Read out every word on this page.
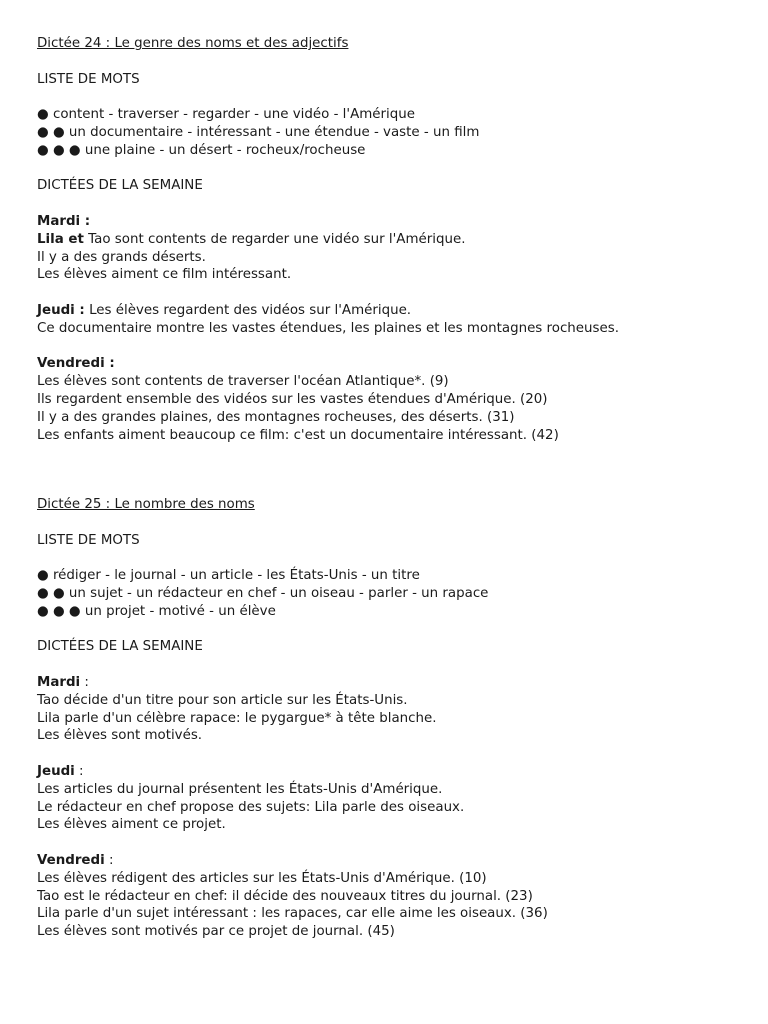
Dictée 24 : Le genre des noms et des adjectifs
LISTE DE MOTS
● content - traverser - regarder - une vidéo - l'Amérique
● ● un documentaire - intéressant - une étendue - vaste - un film
● ● ● une plaine - un désert - rocheux/rocheuse
DICTÉES DE LA SEMAINE
Mardi :
Lila et Tao sont contents de regarder une vidéo sur l'Amérique.
Il y a des grands déserts.
Les élèves aiment ce film intéressant.
Jeudi : Les élèves regardent des vidéos sur l'Amérique.
Ce documentaire montre les vastes étendues, les plaines et les montagnes rocheuses.
Vendredi :
Les élèves sont contents de traverser l'océan Atlantique*. (9)
Ils regardent ensemble des vidéos sur les vastes étendues d'Amérique. (20)
Il y a des grandes plaines, des montagnes rocheuses, des déserts. (31)
Les enfants aiment beaucoup ce film: c'est un documentaire intéressant. (42)
Dictée 25 : Le nombre des noms
LISTE DE MOTS
● rédiger - le journal - un article - les États-Unis - un titre
● ● un sujet - un rédacteur en chef - un oiseau - parler - un rapace
● ● ● un projet - motivé - un élève
DICTÉES DE LA SEMAINE
Mardi :
Tao décide d'un titre pour son article sur les États-Unis.
Lila parle d'un célèbre rapace: le pygargue* à tête blanche.
Les élèves sont motivés.
Jeudi :
Les articles du journal présentent les États-Unis d'Amérique.
Le rédacteur en chef propose des sujets: Lila parle des oiseaux.
Les élèves aiment ce projet.
Vendredi :
Les élèves rédigent des articles sur les États-Unis d'Amérique. (10)
Tao est le rédacteur en chef: il décide des nouveaux titres du journal. (23)
Lila parle d'un sujet intéressant : les rapaces, car elle aime les oiseaux. (36)
Les élèves sont motivés par ce projet de journal. (45)
